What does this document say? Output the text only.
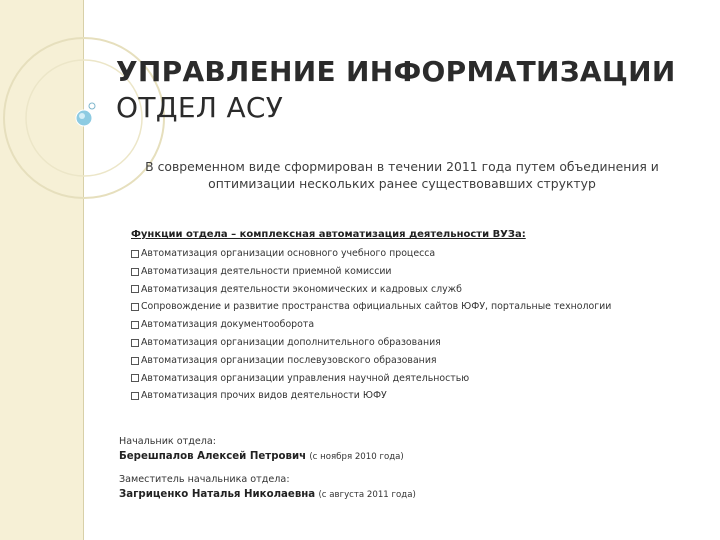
УПРАВЛЕНИЕ ИНФОРМАТИЗАЦИИ
ОТДЕЛ АСУ
В современном виде сформирован в течении 2011 года путем объединения и оптимизации нескольких ранее существовавших структур
Функции отдела – комплексная автоматизация деятельности ВУЗа:
Автоматизация организации основного учебного процесса
Автоматизация деятельности приемной комиссии
Автоматизация деятельности экономических и кадровых служб
Сопровождение и развитие пространства официальных сайтов ЮФУ, портальные технологии
Автоматизация документооборота
Автоматизация организации дополнительного образования
Автоматизация организации послевузовского образования
Автоматизация организации управления научной деятельностью
Автоматизация прочих видов деятельности ЮФУ
Начальник отдела:
Берешпалов Алексей Петрович (с ноября 2010 года)
Заместитель начальника отдела:
Загриценко Наталья Николаевна (с августа 2011 года)
